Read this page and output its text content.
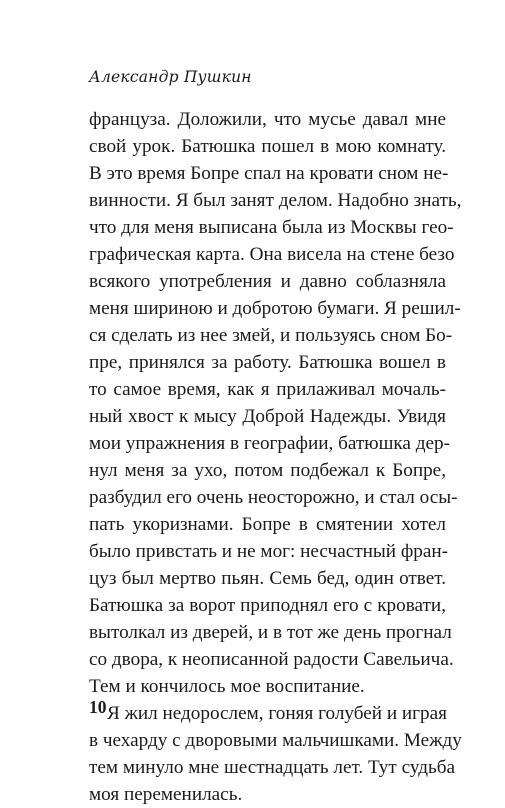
Александр Пушкин
француза. Доложили, что мусье давал мне
свой урок. Батюшка пошел в мою комнату.
В это время Бопре спал на кровати сном не-
винности. Я был занят делом. Надобно знать,
что для меня выписана была из Москвы гео-
графическая карта. Она висела на стене безо
всякого употребления и давно соблазняла
меня шириною и добротою бумаги. Я решил-
ся сделать из нее змей, и пользуясь сном Бо-
пре, принялся за работу. Батюшка вошел в
то самое время, как я прилаживал мочаль-
ный хвост к мысу Доброй Надежды. Увидя
мои упражнения в географии, батюшка дер-
нул меня за ухо, потом подбежал к Бопре,
разбудил его очень неосторожно, и стал осы-
пать укоризнами. Бопре в смятении хотел
было привстать и не мог: несчастный фран-
цуз был мертво пьян. Семь бед, один ответ.
Батюшка за ворот приподнял его с кровати,
вытолкал из дверей, и в тот же день прогнал
со двора, к неописанной радости Савельича.
Тем и кончилось мое воспитание.
Я жил недорослем, гоняя голубей и играя
в чехарду с дворовыми мальчишками. Между
тем минуло мне шестнадцать лет. Тут судьба
моя переменилась.
10
